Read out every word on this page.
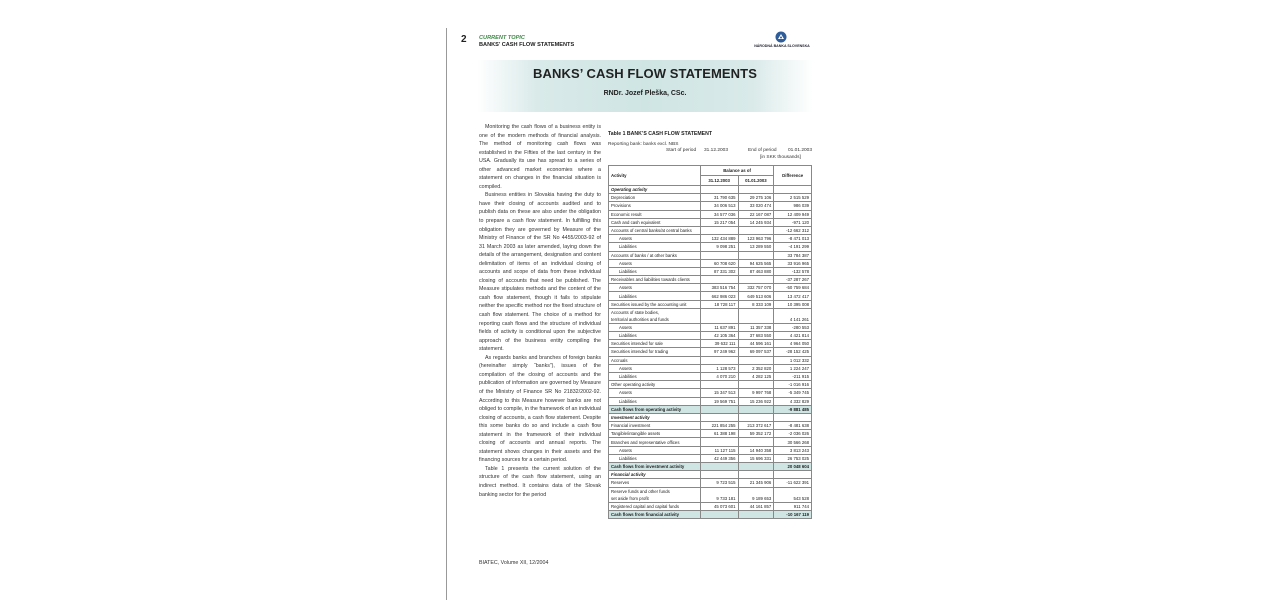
2 CURRENT TOPIC
BANKS’ CASH FLOW STATEMENTS	NÁRODNÁ BANKA SLOVENSKA
BANKS’ CASH FLOW STATEMENTS
RNDr. Jozef Pleška, CSc.

Monitoring the cash flows of a business entity is one of the modern methods of financial analysis. The method of monitoring cash flows was established in the Fifties of the last century in the USA. Gradually its use has spread to a series of other advanced market economies where a statement on changes in the financial situation is compiled.

Business entities in Slovakia having the duty to have their closing of accounts audited and to publish data on these are also under the obligation to prepare a cash flow statement. In fulfilling this obligation they are governed by Measure of the Ministry of Finance of the SR No 4455/2003-92 of 31 March 2003 as later amended, laying down the details of the arrangement, designation and content delimitation of items of an individual closing of accounts and scope of data from these individual closing of accounts that need be published. The Measure stipulates methods and the content of the cash flow statement, though it fails to stipulate neither the specific method nor the fixed structure of cash flow statement. The choice of a method for reporting cash flows and the structure of individual fields of activity is conditional upon the subjective approach of the business entity compiling the statement.

As regards banks and branches of foreign banks (hereinafter simply “banks”), issues of the compilation of the closing of accounts and the publication of information are governed by Measure of the Ministry of Finance SR No 21832/2002-92. According to this Measure however banks are not obliged to compile, in the framework of an individual closing of accounts, a cash flow statement. Despite this some banks do so and include a cash flow statement in the framework of their individual closing of accounts and annual reports. The statement shows changes in their assets and the financing sources for a certain period.

Table 1 presents the current solution of the structure of the cash flow statement, using an indirect method. It contains data of the Slovak banking sector for the period

BIATEC, Volume XII, 12/2004
Table 1 BANK’S CASH FLOW STATEMENT
Reporting bank: banks excl. NBS
Start of period 31.12.2003	End of period 01.01.2003
[in SKK thousands]
Activity	Balance as of		Difference
	31.12.2003	01.01.2003	
Operating activity			
Depreciation	31 790 635	29 275 106	2 515 529
Provisions	34 006 513	33 020 474	986 039
Economic result	34 577 036	22 167 087	12 409 949
Cash and cash equivalent	15 217 054	14 245 934	-971 120
Accounts of central banks/at central banks			-12 662 312
Assets	132 434 889	123 963 796	-8 471 013
Liabilities	9 098 251	13 289 550	-4 191 299
Accounts of banks / at other banks			33 784 387
Assets	60 708 620	94 625 565	33 916 965
Liabilities	87 331 302	87 463 880	-132 578
Receivables and liabilities towards clients			-37 287 267
Assets	383 516 754	332 757 070	-50 759 684
Liabilities	662 986 023	649 513 606	13 472 417
Securities issued by the accounting unit	18 728 117	8 333 109	10 395 008

Accounts of state bodies,
territorial authorities and funds			4 141 261
Assets	11 637 891	11 357 338	-280 553
Liabilities	42 105 364	37 683 550	4 421 814
Securities intended for sale	39 632 111	44 596 161	4 964 050
Securities intended for trading	97 249 962	69 097 537	-28 152 425
Accruals			1 012 332
Assets	1 128 573	2 352 820	1 224 247
Liabilities	4 070 210	4 282 125	-211 915
Other operating activity			-1 016 916
Assets	15 347 513	9 997 768	-5 349 745
Liabilities	19 569 751	15 236 922	4 332 829
Cash flows from operating activity			-9 881 485
Investment activity			
Financial investment	221 854 255	213 372 617	-8 481 638
Tangible/intangible assets	61 388 198	59 352 172	-2 036 026
Branches and representative offices			30 566 268
Assets	11 127 115	14 940 358	3 813 243
Liabilities	42 449 356	15 696 331	26 753 025
Cash flows from investment activity			20 048 604
Financial activity			
Reserves	9 723 515	21 345 906	-11 622 391

Reserve funds and other funds
set aside from profit	9 733 181	9 189 653	543 528
Registered capital and capital funds	45 073 601	44 161 857	911 744
Cash flows from financial activity			-10 167 119
